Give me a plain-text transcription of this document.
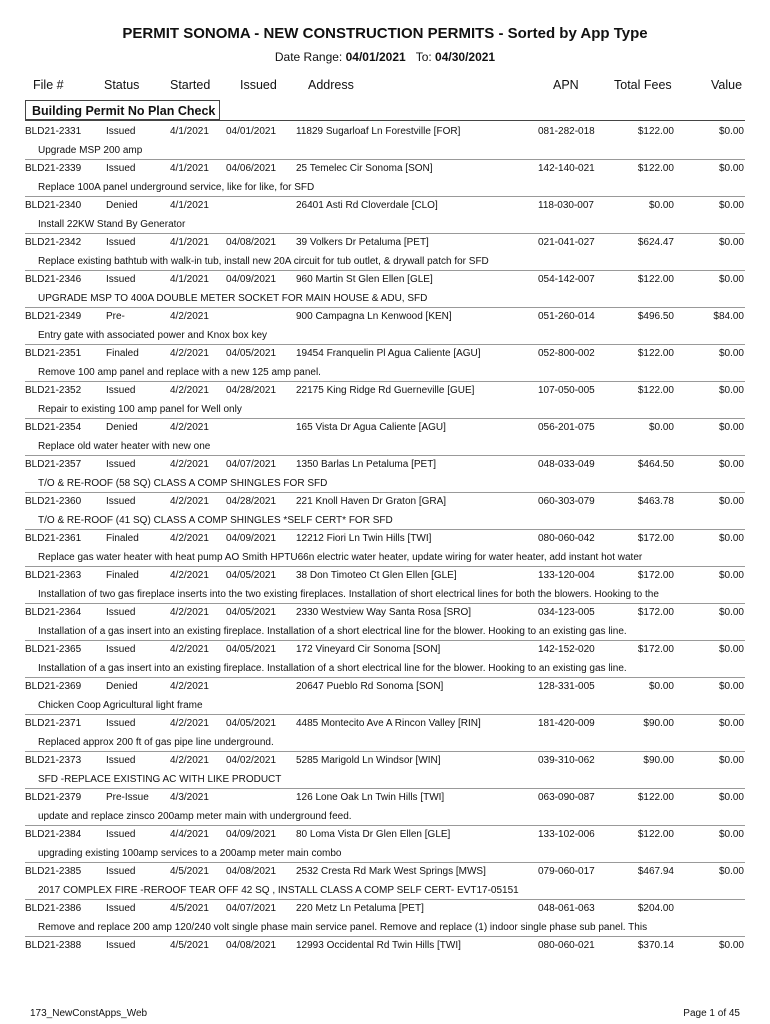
PERMIT SONOMA - NEW CONSTRUCTION PERMITS - Sorted by App Type
Date Range: 04/01/2021 To: 04/30/2021
File #	Status Started Issued Address	APN	Total Fees	Value
Building Permit No Plan Check
BLD21-2331 Issued	4/1/2021 04/01/2021 11829 Sugarloaf Ln Forestville [FOR]	081-282-018	$122.00	$0.00
Upgrade MSP 200 amp
BLD21-2339 Issued	4/1/2021 04/06/2021 25 Temelec Cir Sonoma [SON]	142-140-021	$122.00	$0.00
Replace 100A panel underground service, like for like, for SFD
BLD21-2340 Denied	4/1/2021	26401 Asti Rd Cloverdale [CLO]	118-030-007	$0.00	$0.00
Install 22KW Stand By Generator
BLD21-2342 Issued	4/1/2021 04/08/2021 39 Volkers Dr Petaluma [PET]	021-041-027	$624.47	$0.00
Replace existing bathtub with walk-in tub, install new 20A circuit for tub outlet, & drywall patch for SFD
BLD21-2346 Issued	4/1/2021 04/09/2021 960 Martin St Glen Ellen [GLE]	054-142-007	$122.00	$0.00
UPGRADE MSP TO 400A DOUBLE METER SOCKET FOR MAIN HOUSE & ADU, SFD
BLD21-2349 Pre-	4/2/2021	900 Campagna Ln Kenwood [KEN]	051-260-014	$496.50	$84.00
Entry gate with associated power and Knox box key
BLD21-2351 Finaled	4/2/2021 04/05/2021 19454 Franquelin Pl Agua Caliente [AGU]	052-800-002	$122.00	$0.00
Remove 100 amp panel and replace with a new 125 amp panel.
BLD21-2352 Issued	4/2/2021 04/28/2021 22175 King Ridge Rd Guerneville [GUE]	107-050-005	$122.00	$0.00
Repair to existing 100 amp panel for Well only
BLD21-2354 Denied	4/2/2021	165 Vista Dr Agua Caliente [AGU]	056-201-075	$0.00	$0.00
Replace old water heater with new one
BLD21-2357 Issued	4/2/2021 04/07/2021 1350 Barlas Ln Petaluma [PET]	048-033-049	$464.50	$0.00
T/O & RE-ROOF (58 SQ) CLASS A COMP SHINGLES FOR SFD
BLD21-2360 Issued	4/2/2021 04/28/2021 221 Knoll Haven Dr Graton [GRA]	060-303-079	$463.78	$0.00
T/O & RE-ROOF (41 SQ) CLASS A COMP SHINGLES *SELF CERT* FOR SFD
BLD21-2361 Finaled	4/2/2021 04/09/2021 12212 Fiori Ln Twin Hills [TWI]	080-060-042	$172.00	$0.00
Replace gas water heater with heat pump AO Smith HPTU66n electric water heater, update wiring for water heater, add instant hot water
BLD21-2363 Finaled	4/2/2021 04/05/2021 38 Don Timoteo Ct Glen Ellen [GLE]	133-120-004	$172.00	$0.00
Installation of two gas fireplace inserts into the two existing fireplaces. Installation of short electrical lines for both the blowers. Hooking to the
BLD21-2364 Issued	4/2/2021 04/05/2021 2330 Westview Way Santa Rosa [SRO]	034-123-005	$172.00	$0.00
Installation of a gas insert into an existing fireplace. Installation of a short electrical line for the blower. Hooking to an existing gas line.
BLD21-2365 Issued	4/2/2021 04/05/2021 172 Vineyard Cir Sonoma [SON]	142-152-020	$172.00	$0.00
Installation of a gas insert into an existing fireplace. Installation of a short electrical line for the blower. Hooking to an existing gas line.
BLD21-2369 Denied	4/2/2021	20647 Pueblo Rd Sonoma [SON]	128-331-005	$0.00	$0.00
Chicken Coop Agricultural light frame
BLD21-2371 Issued	4/2/2021 04/05/2021 4485 Montecito Ave A Rincon Valley [RIN]	181-420-009	$90.00	$0.00
Replaced approx 200 ft of gas pipe line underground.
BLD21-2373 Issued	4/2/2021 04/02/2021 5285 Marigold Ln Windsor [WIN]	039-310-062	$90.00	$0.00
SFD -REPLACE EXISTING AC WITH LIKE PRODUCT
BLD21-2379 Pre-Issue 4/3/2021	126 Lone Oak Ln Twin Hills [TWI]	063-090-087	$122.00	$0.00
update and replace zinsco 200amp meter main with underground feed.
BLD21-2384 Issued	4/4/2021 04/09/2021 80 Loma Vista Dr Glen Ellen [GLE]	133-102-006	$122.00	$0.00
upgrading existing 100amp services to a 200amp meter main combo
BLD21-2385 Issued	4/5/2021 04/08/2021 2532 Cresta Rd Mark West Springs [MWS]	079-060-017	$467.94	$0.00
2017 COMPLEX FIRE -REROOF TEAR OFF 42 SQ , INSTALL CLASS A COMP SELF CERT- EVT17-05151
BLD21-2386 Issued	4/5/2021 04/07/2021 220 Metz Ln Petaluma [PET]	048-061-063	$204.00
Remove and replace 200 amp 120/240 volt single phase main service panel. Remove and replace (1) indoor single phase sub panel. This
BLD21-2388 Issued	4/5/2021 04/08/2021 12993 Occidental Rd Twin Hills [TWI]	080-060-021	$370.14	$0.00
173_NewConstApps_Web	Page 1 of 45
